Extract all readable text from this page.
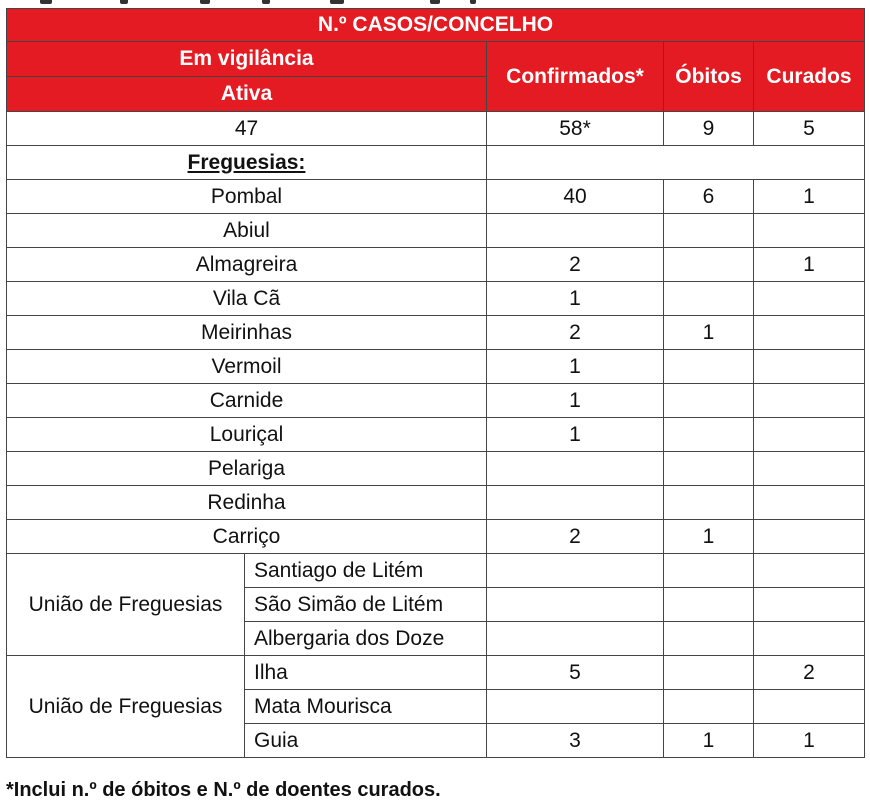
N.º CASOS/CONCELHO				
Em vigilância		Confirmados*	Óbitos	Curados
Ativa				
47		58*	9	5
Freguesias:				
Pombal		40	6	1
Abiul				
Almagreira		2		1
Vila Cã		1		
Meirinhas		2	1	
Vermoil		1		
Carnide		1		
Louriçal		1		
Pelariga				
Redinha				
Carriço		2	1	
União de Freguesias	Santiago de Litém			
	São Simão de Litém			
	Albergaria dos Doze			
União de Freguesias	Ilha	5		2
	Mata Mourisca			
	Guia	3	1	1
*Inclui n.º de óbitos e N.º de doentes curados.
